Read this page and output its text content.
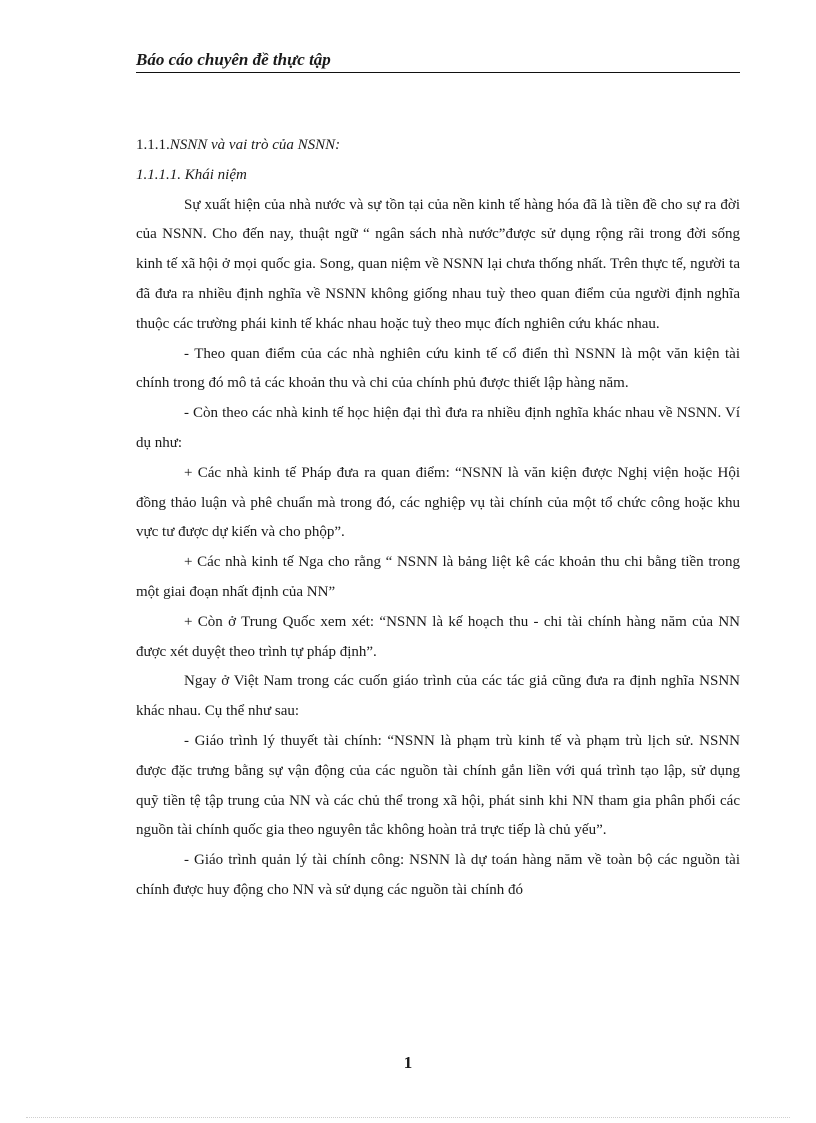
Báo cáo chuyên đề thực tập

1.1.1.NSNN và vai trò của NSNN:

1.1.1.1. Khái niệm

Sự xuất hiện của nhà nước và sự tồn tại của nền kinh tế hàng hóa đã là tiền đề cho sự ra đời của NSNN. Cho đến nay, thuật ngữ “ ngân sách nhà nước”được sử dụng rộng rãi trong đời sống kinh tế xã hội ở mọi quốc gia. Song, quan niệm về NSNN lại chưa thống nhất. Trên thực tế, người ta đã đưa ra nhiều định nghĩa về NSNN không giống nhau tuỳ theo quan điểm của người định nghĩa thuộc các trường phái kinh tế khác nhau hoặc tuỳ theo mục đích nghiên cứu khác nhau.

- Theo quan điểm của các nhà nghiên cứu kinh tế cổ điển thì NSNN là một văn kiện tài chính trong đó mô tả các khoản thu và chi của chính phủ được thiết lập hàng năm.

- Còn theo các nhà kinh tế học hiện đại thì đưa ra nhiều định nghĩa khác nhau về NSNN. Ví dụ như:

+ Các nhà kinh tế Pháp đưa ra quan điểm: “NSNN là văn kiện được Nghị viện hoặc Hội đồng thảo luận và phê chuẩn mà trong đó, các nghiệp vụ tài chính của một tổ chức công hoặc khu vực tư được dự kiến và cho phộp”.

+ Các nhà kinh tế Nga cho rằng “ NSNN là bảng liệt kê các khoản thu chi bằng tiền trong một giai đoạn nhất định của NN”

+ Còn ở Trung Quốc xem xét: “NSNN là kế hoạch thu - chi tài chính hàng năm của NN được xét duyệt theo trình tự pháp định”.

Ngay ở Việt Nam trong các cuốn giáo trình của các tác giả cũng đưa ra định nghĩa NSNN khác nhau. Cụ thể như sau:

- Giáo trình lý thuyết tài chính: “NSNN là phạm trù kinh tế và phạm trù lịch sử. NSNN được đặc trưng bằng sự vận động của các nguồn tài chính gắn liền với quá trình tạo lập, sử dụng quỹ tiền tệ tập trung của NN và các chủ thể trong xã hội, phát sinh khi NN tham gia phân phối các nguồn tài chính quốc gia theo nguyên tắc không hoàn trả trực tiếp là chủ yếu”.

- Giáo trình quản lý tài chính công: NSNN là dự toán hàng năm về toàn bộ các nguồn tài chính được huy động cho NN và sử dụng các nguồn tài chính đó

1
